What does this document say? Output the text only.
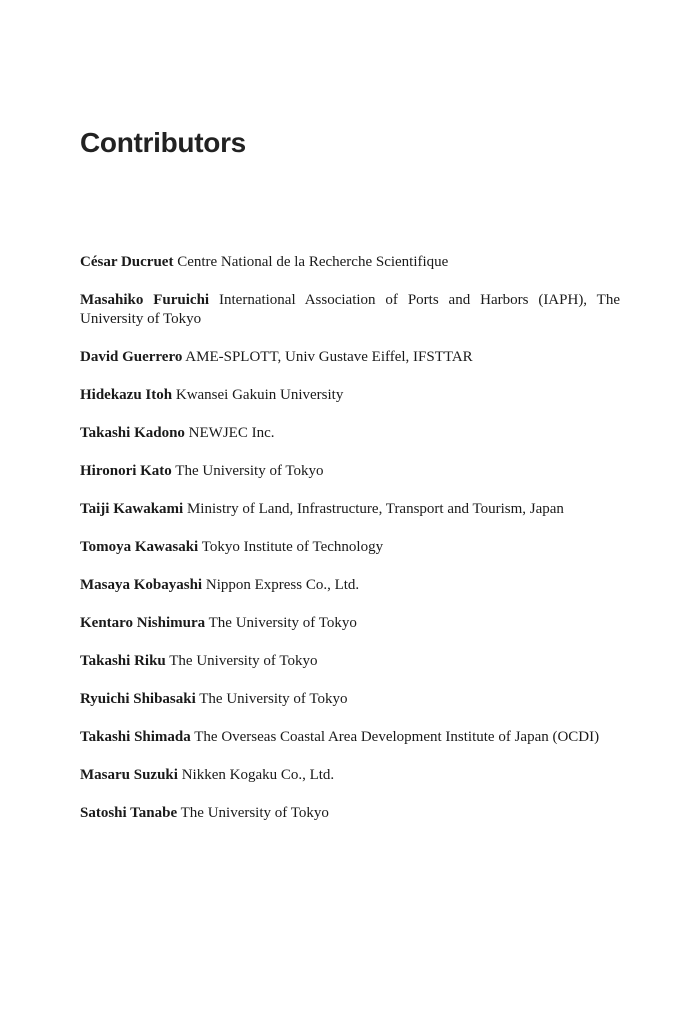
Contributors

César Ducruet Centre National de la Recherche Scientifique

Masahiko Furuichi International Association of Ports and Harbors (IAPH), The University of Tokyo

David Guerrero AME-SPLOTT, Univ Gustave Eiffel, IFSTTAR

Hidekazu Itoh Kwansei Gakuin University

Takashi Kadono NEWJEC Inc.

Hironori Kato The University of Tokyo

Taiji Kawakami Ministry of Land, Infrastructure, Transport and Tourism, Japan

Tomoya Kawasaki Tokyo Institute of Technology

Masaya Kobayashi Nippon Express Co., Ltd.

Kentaro Nishimura The University of Tokyo

Takashi Riku The University of Tokyo

Ryuichi Shibasaki The University of Tokyo

Takashi Shimada The Overseas Coastal Area Development Institute of Japan (OCDI)

Masaru Suzuki Nikken Kogaku Co., Ltd.

Satoshi Tanabe The University of Tokyo
